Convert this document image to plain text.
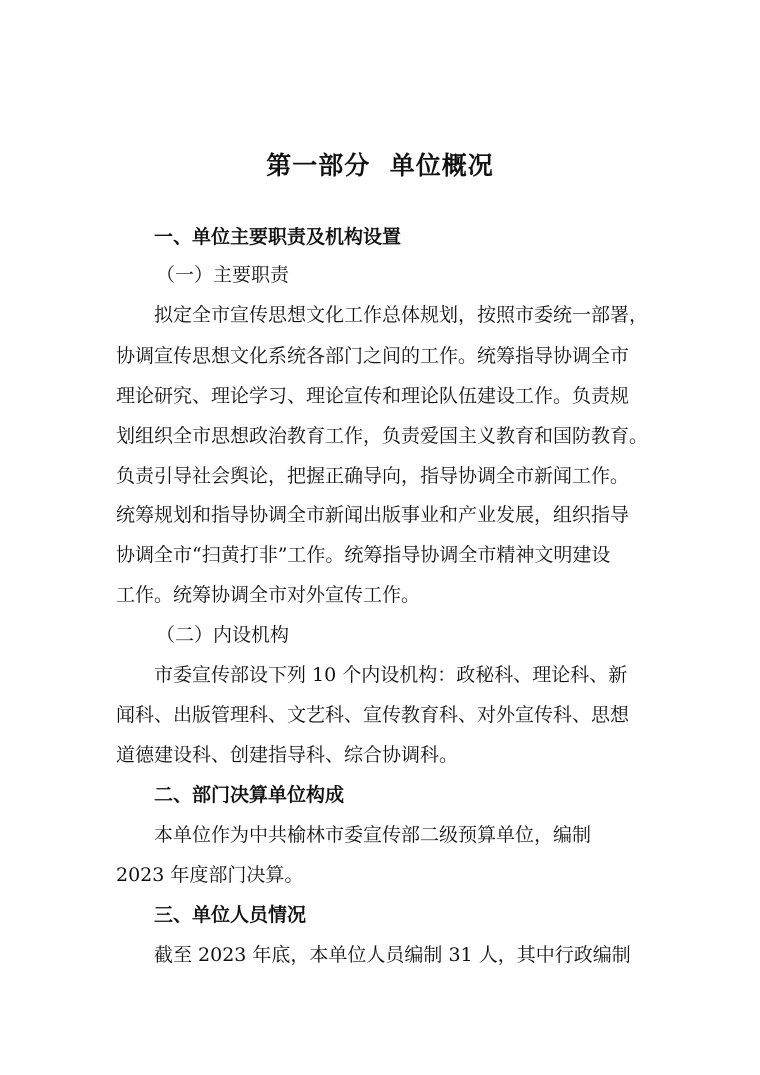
第一部分  单位概况
一、单位主要职责及机构设置
（一）主要职责
拟定全市宣传思想文化工作总体规划，按照市委统一部署，
协调宣传思想文化系统各部门之间的工作。统筹指导协调全市
理论研究、理论学习、理论宣传和理论队伍建设工作。负责规
划组织全市思想政治教育工作，负责爱国主义教育和国防教育。
负责引导社会舆论，把握正确导向，指导协调全市新闻工作。
统筹规划和指导协调全市新闻出版事业和产业发展，组织指导
协调全市“扫黄打非”工作。统筹指导协调全市精神文明建设
工作。统筹协调全市对外宣传工作。
（二）内设机构
市委宣传部设下列 10 个内设机构：政秘科、理论科、新
闻科、出版管理科、文艺科、宣传教育科、对外宣传科、思想
道德建设科、创建指导科、综合协调科。
二、部门决算单位构成
本单位作为中共榆林市委宣传部二级预算单位，编制
2023 年度部门决算。
三、单位人员情况
截至 2023 年底，本单位人员编制 31 人，其中行政编制
